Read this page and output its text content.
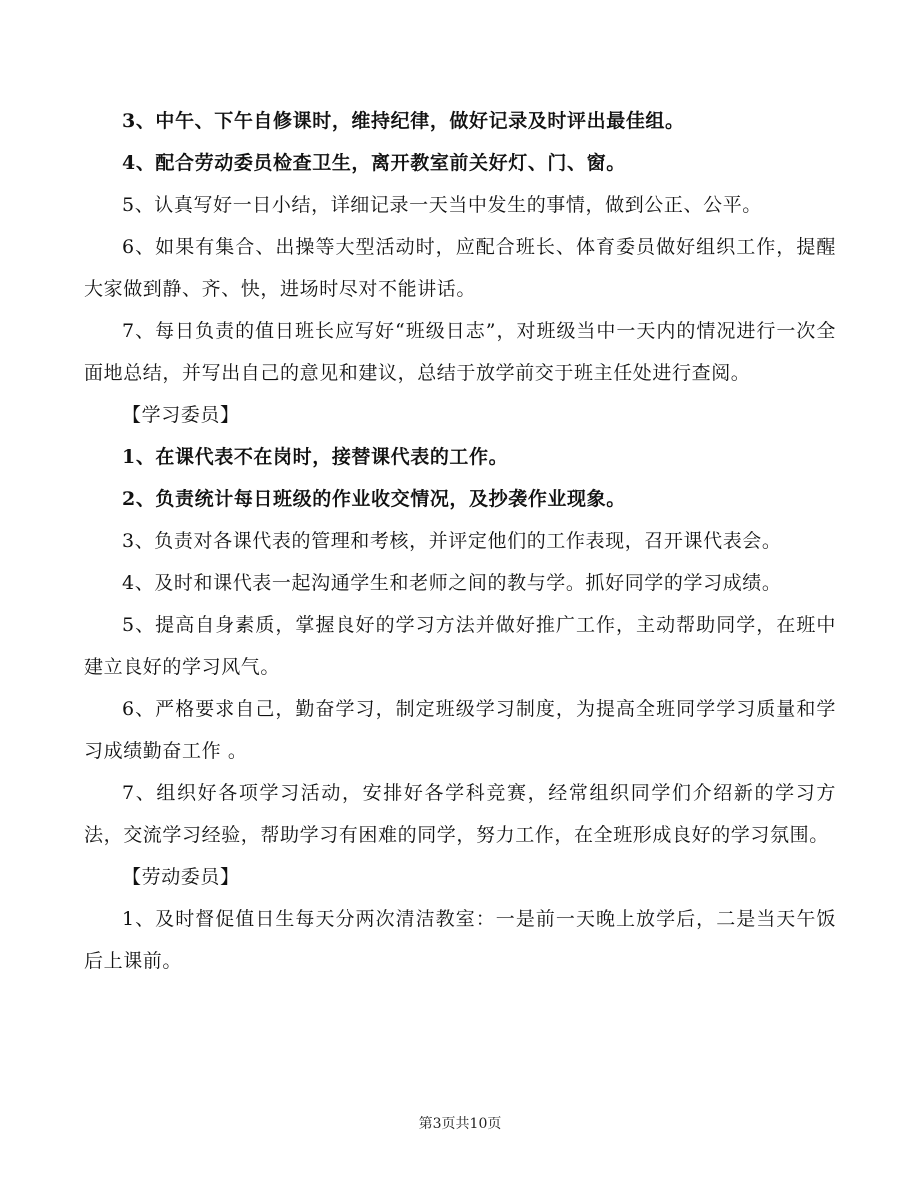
3、中午、下午自修课时，维持纪律，做好记录及时评出最佳组。

4、配合劳动委员检查卫生，离开教室前关好灯、门、窗。

5、认真写好一日小结，详细记录一天当中发生的事情，做到公正、公平。

6、如果有集合、出操等大型活动时，应配合班长、体育委员做好组织工作，提醒大家做到静、齐、快，进场时尽对不能讲话。

7、每日负责的值日班长应写好“班级日志”，对班级当中一天内的情况进行一次全面地总结，并写出自己的意见和建议，总结于放学前交于班主任处进行查阅。

【学习委员】

1、在课代表不在岗时，接替课代表的工作。

2、负责统计每日班级的作业收交情况，及抄袭作业现象。

3、负责对各课代表的管理和考核，并评定他们的工作表现，召开课代表会。

4、及时和课代表一起沟通学生和老师之间的教与学。抓好同学的学习成绩。

5、提高自身素质，掌握良好的学习方法并做好推广工作，主动帮助同学，在班中建立良好的学习风气。

6、严格要求自己，勤奋学习，制定班级学习制度，为提高全班同学学习质量和学习成绩勤奋工作 。

7、组织好各项学习活动，安排好各学科竞赛，经常组织同学们介绍新的学习方法，交流学习经验，帮助学习有困难的同学，努力工作，在全班形成良好的学习氛围。

【劳动委员】

1、及时督促值日生每天分两次清洁教室：一是前一天晚上放学后，二是当天午饭后上课前。

第3页共10页
